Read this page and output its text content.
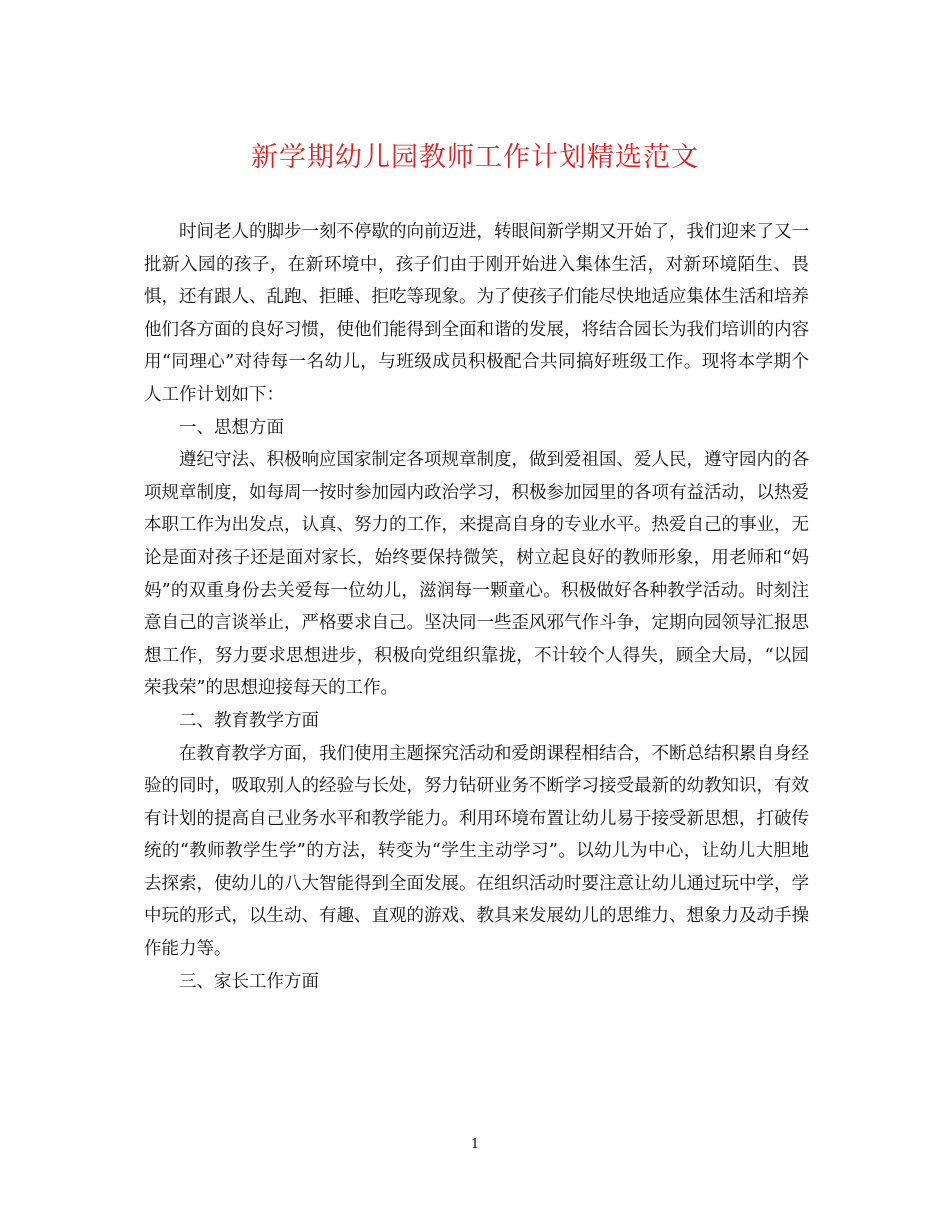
新学期幼儿园教师工作计划精选范文

时间老人的脚步一刻不停歇的向前迈进，转眼间新学期又开始了，我们迎来了又一批新入园的孩子，在新环境中，孩子们由于刚开始进入集体生活，对新环境陌生、畏惧，还有跟人、乱跑、拒睡、拒吃等现象。为了使孩子们能尽快地适应集体生活和培养他们各方面的良好习惯，使他们能得到全面和谐的发展，将结合园长为我们培训的内容用“同理心”对待每一名幼儿，与班级成员积极配合共同搞好班级工作。现将本学期个人工作计划如下：

一、思想方面

遵纪守法、积极响应国家制定各项规章制度，做到爱祖国、爱人民，遵守园内的各项规章制度，如每周一按时参加园内政治学习，积极参加园里的各项有益活动，以热爱本职工作为出发点，认真、努力的工作，来提高自身的专业水平。热爱自己的事业，无论是面对孩子还是面对家长，始终要保持微笑，树立起良好的教师形象，用老师和“妈妈”的双重身份去关爱每一位幼儿，滋润每一颗童心。积极做好各种教学活动。时刻注意自己的言谈举止，严格要求自己。坚决同一些歪风邪气作斗争，定期向园领导汇报思想工作，努力要求思想进步，积极向党组织靠拢，不计较个人得失，顾全大局，“以园荣我荣”的思想迎接每天的工作。

二、教育教学方面

在教育教学方面，我们使用主题探究活动和爱朗课程相结合，不断总结积累自身经验的同时，吸取别人的经验与长处，努力钻研业务不断学习接受最新的幼教知识，有效有计划的提高自己业务水平和教学能力。利用环境布置让幼儿易于接受新思想，打破传统的“教师教学生学”的方法，转变为“学生主动学习”。以幼儿为中心，让幼儿大胆地去探索，使幼儿的八大智能得到全面发展。在组织活动时要注意让幼儿通过玩中学，学中玩的形式，以生动、有趣、直观的游戏、教具来发展幼儿的思维力、想象力及动手操作能力等。

三、家长工作方面

1
